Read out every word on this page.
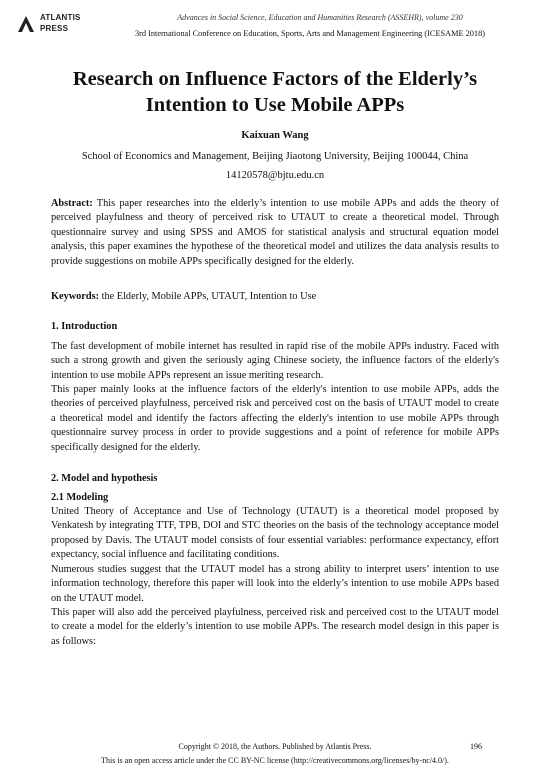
ATLANTIS
PRESS
Advances in Social Science, Education and Humanities Research (ASSEHR), volume 230
3rd International Conference on Education, Sports, Arts and Management Engineering (ICESAME 2018)
Research on Influence Factors of the Elderly’s
Intention to Use Mobile APPs
Kaixuan Wang
School of Economics and Management, Beijing Jiaotong University, Beijing 100044, China
14120578@bjtu.edu.cn
Abstract: This paper researches into the elderly’s intention to use mobile APPs and adds the theory of perceived playfulness and theory of perceived risk to UTAUT to create a theoretical model. Through questionnaire survey and using SPSS and AMOS for statistical analysis and structural equation model analysis, this paper examines the hypothese of the theoretical model and utilizes the data analysis results to provide suggestions on mobile APPs specifically designed for the elderly.
Keywords: the Elderly, Mobile APPs, UTAUT, Intention to Use
1. Introduction
The fast development of mobile internet has resulted in rapid rise of the mobile APPs industry. Faced with such a strong growth and given the seriously aging Chinese society, the influence factors of the elderly's intention to use mobile APPs represent an issue meriting research.
This paper mainly looks at the influence factors of the elderly's intention to use mobile APPs, adds the theories of perceived playfulness, perceived risk and perceived cost on the basis of UTAUT model to create a theoretical model and identify the factors affecting the elderly's intention to use mobile APPs through questionnaire survey process in order to provide suggestions and a point of reference for mobile APPs specifically designed for the elderly.
2. Model and hypothesis
2.1 Modeling
United Theory of Acceptance and Use of Technology (UTAUT) is a theoretical model proposed by Venkatesh by integrating TTF, TPB, DOI and STC theories on the basis of the technology acceptance model proposed by Davis. The UTAUT model consists of four essential variables: performance expectancy, effort expectancy, social influence and facilitating conditions.
Numerous studies suggest that the UTAUT model has a strong ability to interpret users’ intention to use information technology, therefore this paper will look into the elderly’s intention to use mobile APPs based on the UTAUT model.
This paper will also add the perceived playfulness, perceived risk and perceived cost to the UTAUT model to create a model for the elderly’s intention to use mobile APPs. The research model design in this paper is as follows:
Copyright © 2018, the Authors. Published by Atlantis Press.	196
This is an open access article under the CC BY-NC license (http://creativecommons.org/licenses/by-nc/4.0/).
